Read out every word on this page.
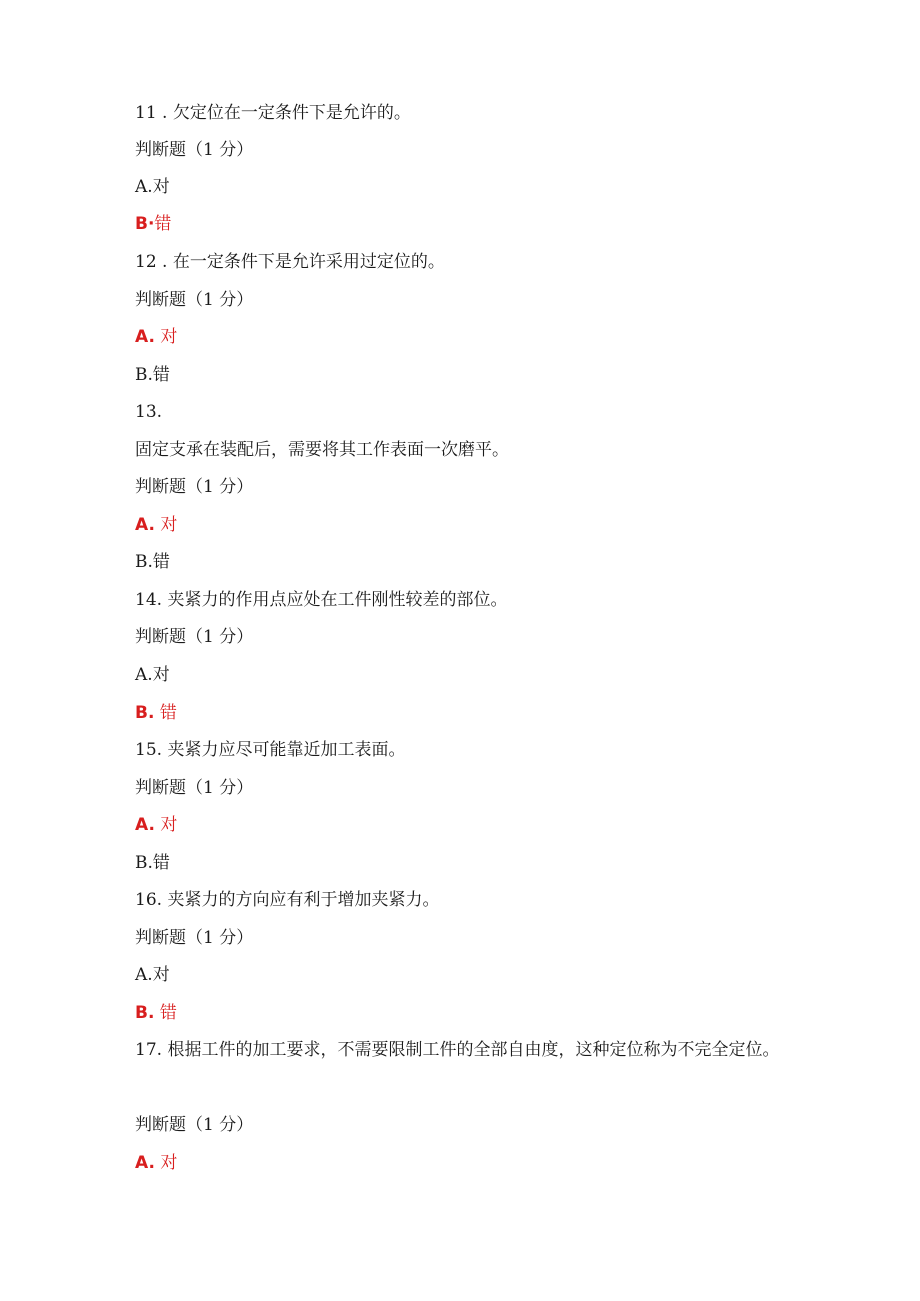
11 . 欠定位在一定条件下是允许的。
判断题（1 分）
A.对
B·错
12 . 在一定条件下是允许采用过定位的。
判断题（1 分）
A. 对
B.错
13.
固定支承在装配后，需要将其工作表面一次磨平。
判断题（1 分）
A. 对
B.错
14. 夹紧力的作用点应处在工件刚性较差的部位。
判断题（1 分）
A.对
B. 错
15. 夹紧力应尽可能靠近加工表面。
判断题（1 分）
A. 对
B.错
16. 夹紧力的方向应有利于增加夹紧力。
判断题（1 分）
A.对
B. 错
17. 根据工件的加工要求，不需要限制工件的全部自由度，这种定位称为不完全定位。
判断题（1 分）
A. 对
